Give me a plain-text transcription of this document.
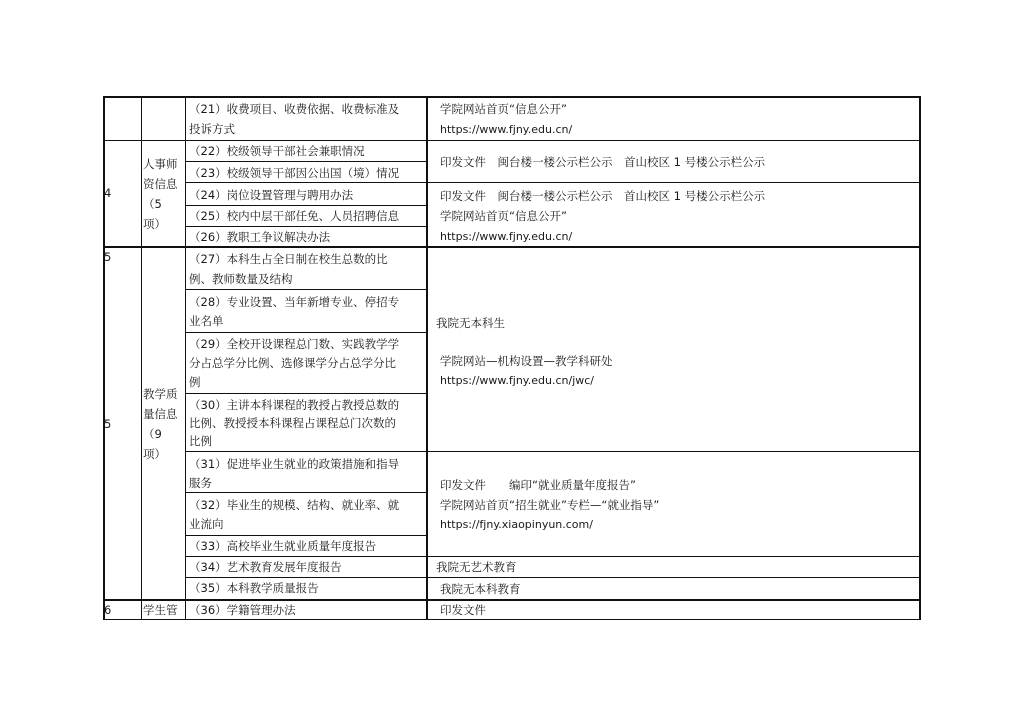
（21）收费项目、收费依据、收费标准及
投诉方式
学院网站首页“信息公开”
https://www.fjny.edu.cn/
4
人事师
资信息
（5
项）
（22）校级领导干部社会兼职情况
（23）校级领导干部因公出国（境）情况
（24）岗位设置管理与聘用办法
（25）校内中层干部任免、人员招聘信息
（26）教职工争议解决办法
印发文件　闽台楼一楼公示栏公示　首山校区 1 号楼公示栏公示
印发文件　闽台楼一楼公示栏公示　首山校区 1 号楼公示栏公示
学院网站首页“信息公开”
https://www.fjny.edu.cn/
5
5
教学质
量信息
（9
项）
（27）本科生占全日制在校生总数的比
例、教师数量及结构
（28）专业设置、当年新增专业、停招专
业名单
（29）全校开设课程总门数、实践教学学
分占总学分比例、选修课学分占总学分比
例
（30）主讲本科课程的教授占教授总数的
比例、教授授本科课程占课程总门次数的
比例
（31）促进毕业生就业的政策措施和指导
服务
（32）毕业生的规模、结构、就业率、就
业流向
（33）高校毕业生就业质量年度报告
（34）艺术教育发展年度报告
（35）本科教学质量报告
我院无本科生
学院网站—机构设置—教学科研处
https://www.fjny.edu.cn/jwc/
印发文件　　编印“就业质量年度报告”
学院网站首页“招生就业”专栏—“就业指导”
https://fjny.xiaopinyun.com/
我院无艺术教育
我院无本科教育
6	学生管 （36）学籍管理办法	印发文件
